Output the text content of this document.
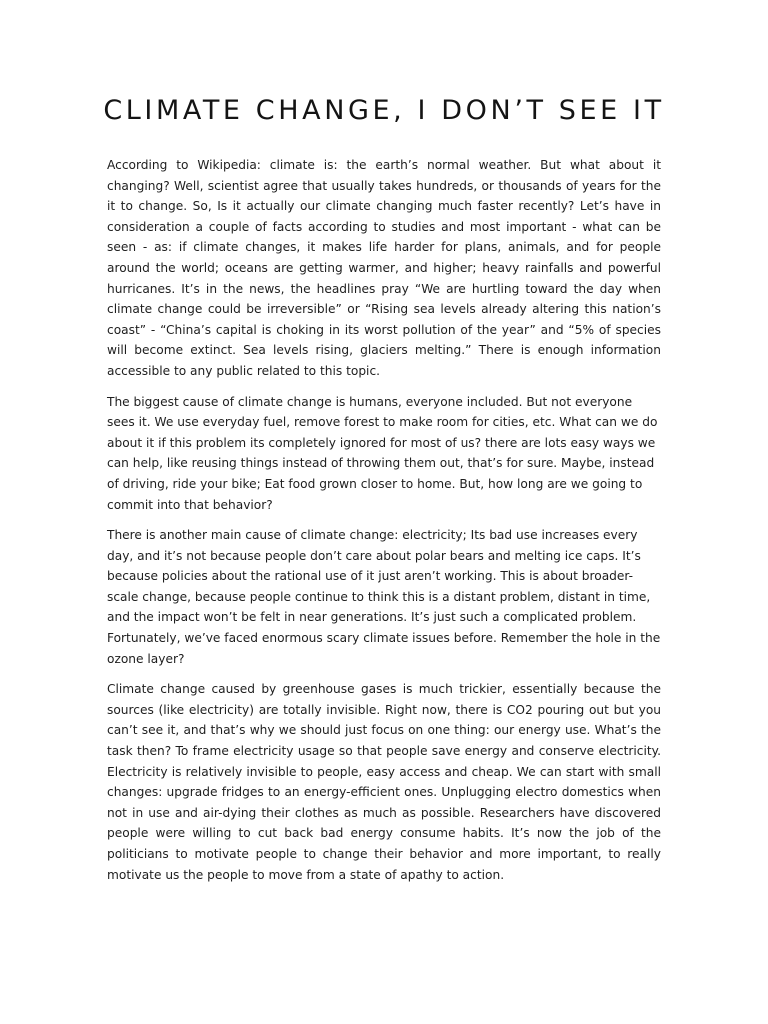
CLIMATE CHANGE, I DON’T SEE IT

According to Wikipedia: climate is: the earth’s normal weather. But what about it changing? Well, scientist agree that usually takes hundreds, or thousands of years for the it to change. So, Is it actually our climate changing much faster recently? Let’s have in consideration a couple of facts according to studies and most important - what can be seen - as: if climate changes, it makes life harder for plans, animals, and for people around the world; oceans are getting warmer, and higher; heavy rainfalls and powerful hurricanes. It’s in the news, the headlines pray “We are hurtling toward the day when climate change could be irreversible” or “Rising sea levels already altering this nation’s coast” - “China’s capital is choking in its worst pollution of the year” and “5% of species will become extinct. Sea levels rising, glaciers melting.” There is enough information accessible to any public related to this topic.

The biggest cause of climate change is humans, everyone included. But not everyone sees it. We use everyday fuel, remove forest to make room for cities, etc. What can we do about it if this problem its completely ignored for most of us? there are lots easy ways we can help, like reusing things instead of throwing them out, that’s for sure. Maybe, instead of driving, ride your bike; Eat food grown closer to home. But, how long are we going to commit into that behavior?

There is another main cause of climate change: electricity; Its bad use increases every day, and it’s not because people don’t care about polar bears and melting ice caps. It’s because policies about the rational use of it just aren’t working. This is about broader-scale change, because people continue to think this is a distant problem, distant in time, and the impact won’t be felt in near generations. It’s just such a complicated problem. Fortunately, we’ve faced enormous scary climate issues before. Remember the hole in the ozone layer?

Climate change caused by greenhouse gases is much trickier, essentially because the sources (like electricity) are totally invisible. Right now, there is CO2 pouring out but you can’t see it, and that’s why we should just focus on one thing: our energy use. What’s the task then? To frame electricity usage so that people save energy and conserve electricity. Electricity is relatively invisible to people, easy access and cheap. We can start with small changes: upgrade fridges to an energy-efficient ones. Unplugging electro domestics when not in use and air-dying their clothes as much as possible. Researchers have discovered people were willing to cut back bad energy consume habits. It’s now the job of the politicians to motivate people to change their behavior and more important, to really motivate us the people to move from a state of apathy to action.
